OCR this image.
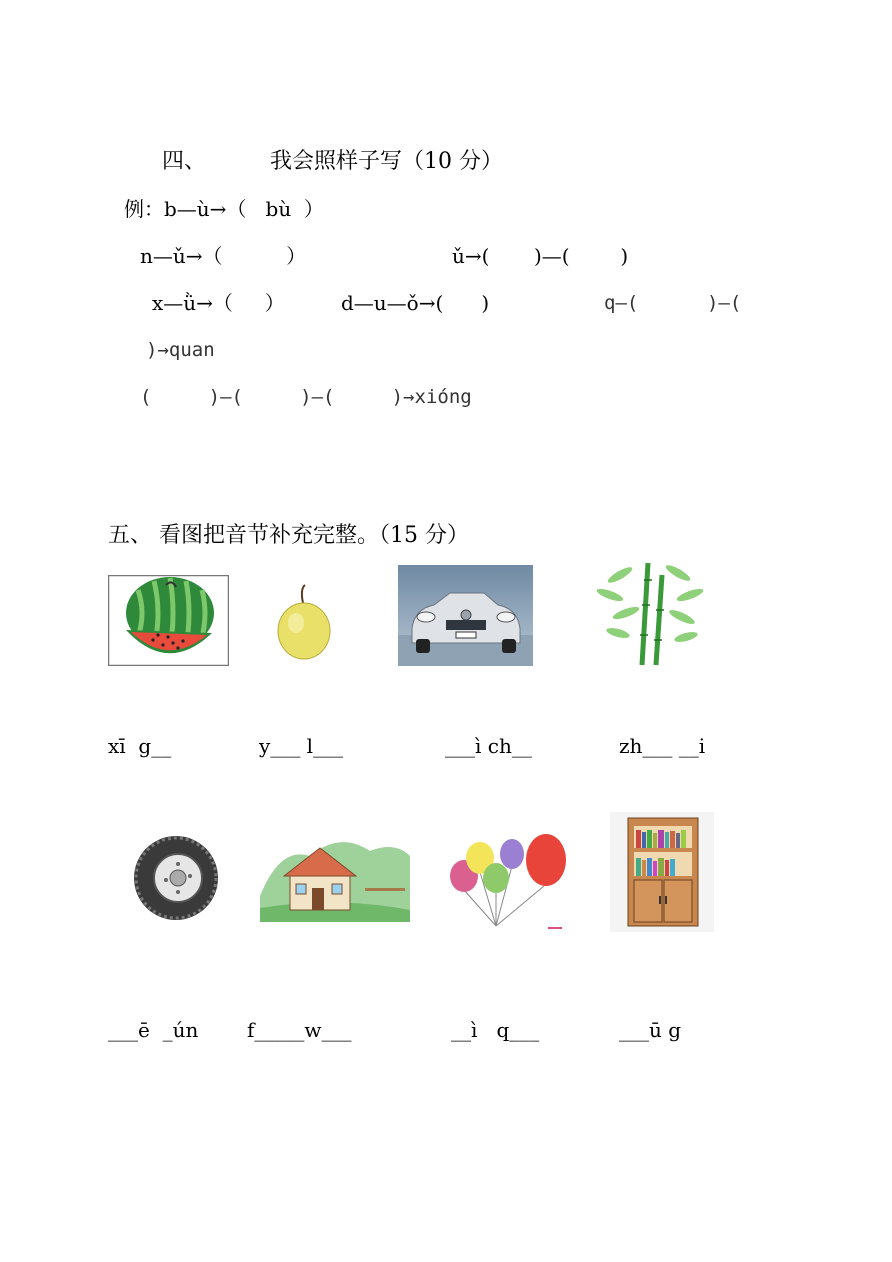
四、	我会照样子写（10 分）
例：b—ù→（   bù  ）
n—ǔ→（          ）	ǔ→(       )—(        )
x—ǜ→（     ）	d—u—ǒ→(      )	q—(      )—(
)→quan
(     )—(     )—(     )→xióng
五、 看图把音节补充完整。（15 分）
xī  g__	y___ l___	___ì ch__	zh___ __i
___ē  _ún f_____w___	__ì   q___	___ū g
